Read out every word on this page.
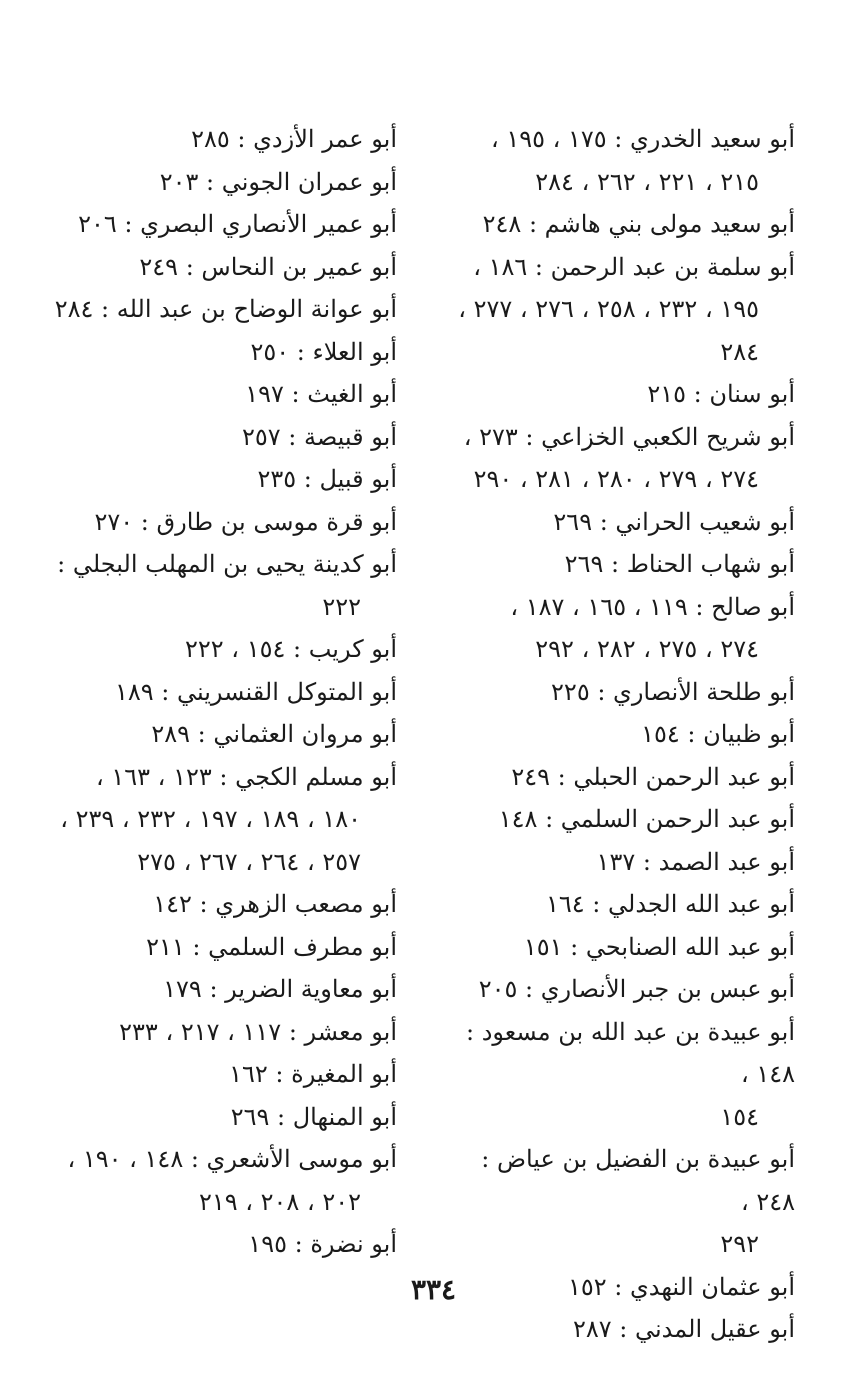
أبو سعيد الخدري : ١٧٥ ، ١٩٥ ،
٢١٥ ، ٢٢١ ، ٢٦٢ ، ٢٨٤

أبو سعيد مولى بني هاشم : ٢٤٨

أبو سلمة بن عبد الرحمن : ١٨٦ ،
١٩٥ ، ٢٣٢ ، ٢٥٨ ، ٢٧٦ ، ٢٧٧ ،
٢٨٤

أبو سنان : ٢١٥

أبو شريح الكعبي الخزاعي : ٢٧٣ ،
٢٧٤ ، ٢٧٩ ، ٢٨٠ ، ٢٨١ ، ٢٩٠

أبو شعيب الحراني : ٢٦٩

أبو شهاب الحناط : ٢٦٩

أبو صالح : ١١٩ ، ١٦٥ ، ١٨٧ ،
٢٧٤ ، ٢٧٥ ، ٢٨٢ ، ٢٩٢

أبو طلحة الأنصاري : ٢٢٥

أبو ظبيان : ١٥٤

أبو عبد الرحمن الحبلي : ٢٤٩

أبو عبد الرحمن السلمي : ١٤٨

أبو عبد الصمد : ١٣٧

أبو عبد الله الجدلي : ١٦٤

أبو عبد الله الصنابحي : ١٥١

أبو عبس بن جبر الأنصاري : ٢٠٥

أبو عبيدة بن عبد الله بن مسعود : ١٤٨ ،
١٥٤

أبو عبيدة بن الفضيل بن عياض : ٢٤٨ ،
٢٩٢

أبو عثمان النهدي : ١٥٢

أبو عقيل المدني : ٢٨٧

أبو عمر الأزدي : ٢٨٥

أبو عمران الجوني : ٢٠٣

أبو عمير الأنصاري البصري : ٢٠٦

أبو عمير بن النحاس : ٢٤٩

أبو عوانة الوضاح بن عبد الله : ٢٨٤

أبو العلاء : ٢٥٠

أبو الغيث : ١٩٧

أبو قبيصة : ٢٥٧

أبو قبيل : ٢٣٥

أبو قرة موسى بن طارق : ٢٧٠

أبو كدينة يحيى بن المهلب البجلي :
٢٢٢

أبو كريب : ١٥٤ ، ٢٢٢

أبو المتوكل القنسريني : ١٨٩

أبو مروان العثماني : ٢٨٩

أبو مسلم الكجي : ١٢٣ ، ١٦٣ ،
١٨٠ ، ١٨٩ ، ١٩٧ ، ٢٣٢ ، ٢٣٩ ،
٢٥٧ ، ٢٦٤ ، ٢٦٧ ، ٢٧٥

أبو مصعب الزهري : ١٤٢

أبو مطرف السلمي : ٢١١

أبو معاوية الضرير : ١٧٩

أبو معشر : ١١٧ ، ٢١٧ ، ٢٣٣

أبو المغيرة : ١٦٢

أبو المنهال : ٢٦٩

أبو موسى الأشعري : ١٤٨ ، ١٩٠ ،
٢٠٢ ، ٢٠٨ ، ٢١٩

أبو نضرة : ١٩٥

٣٣٤
